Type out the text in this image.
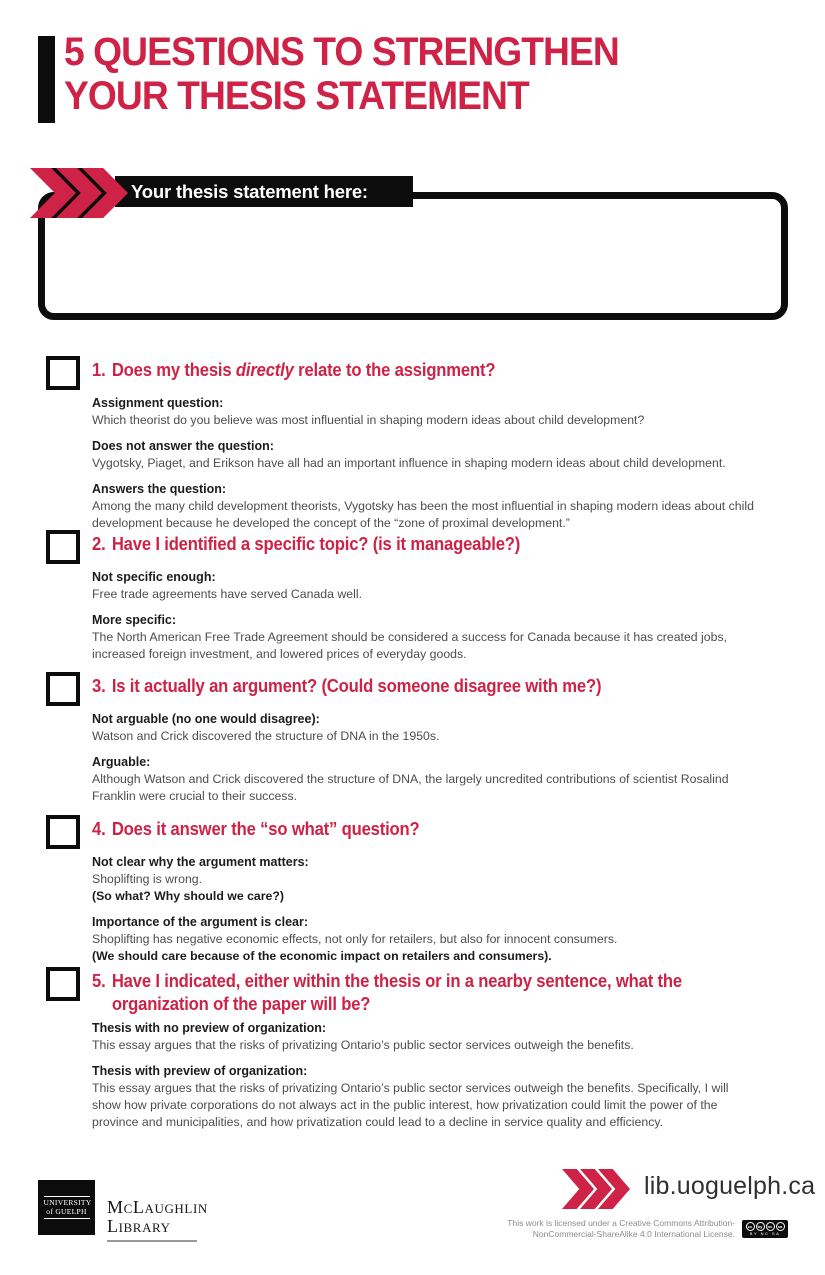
5 QUESTIONS TO STRENGTHEN
YOUR THESIS STATEMENT
Your thesis statement here:
1. Does my thesis directly relate to the assignment?
Assignment question:
Which theorist do you believe was most influential in shaping modern ideas about child development?
Does not answer the question:
Vygotsky, Piaget, and Erikson have all had an important influence in shaping modern ideas about child development.
Answers the question:
Among the many child development theorists, Vygotsky has been the most influential in shaping modern ideas about child development because he developed the concept of the “zone of proximal development.”
2. Have I identified a specific topic? (is it manageable?)
Not specific enough:
Free trade agreements have served Canada well.
More specific:
The North American Free Trade Agreement should be considered a success for Canada because it has created jobs, increased foreign investment, and lowered prices of everyday goods.
3. Is it actually an argument? (Could someone disagree with me?)
Not arguable (no one would disagree):
Watson and Crick discovered the structure of DNA in the 1950s.
Arguable:
Although Watson and Crick discovered the structure of DNA, the largely uncredited contributions of scientist Rosalind Franklin were crucial to their success.
4. Does it answer the “so what” question?
Not clear why the argument matters:
Shoplifting is wrong.
(So what? Why should we care?)
Importance of the argument is clear:
Shoplifting has negative economic effects, not only for retailers, but also for innocent consumers.
(We should care because of the economic impact on retailers and consumers).
5. Have I indicated, either within the thesis or in a nearby sentence, what the organization of the paper will be?
Thesis with no preview of organization:
This essay argues that the risks of privatizing Ontario’s public sector services outweigh the benefits.
Thesis with preview of organization:
This essay argues that the risks of privatizing Ontario’s public sector services outweigh the benefits. Specifically, I will show how private corporations do not always act in the public interest, how privatization could limit the power of the province and municipalities, and how privatization could lead to a decline in service quality and efficiency.
UNIVERSITY
of GUELPH McLaughlin
Library
lib.uoguelph.ca
This work is licensed under a Creative Commons Attribution-
NonCommercial-ShareAlike 4.0 International License.
cc	by	nc	sa
BY NC SA
